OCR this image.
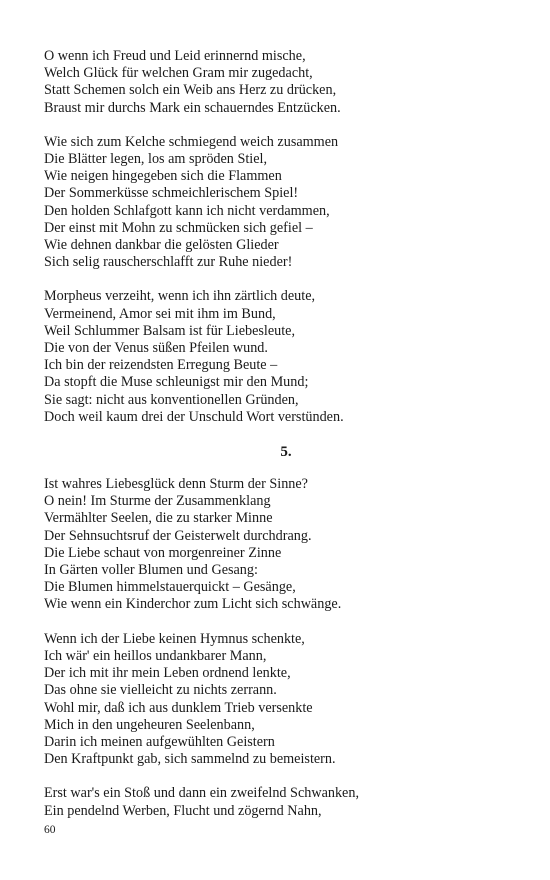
O wenn ich Freud und Leid erinnernd mische,
Welch Glück für welchen Gram mir zugedacht,
Statt Schemen solch ein Weib ans Herz zu drücken,
Braust mir durchs Mark ein schauerndes Entzücken.
Wie sich zum Kelche schmiegend weich zusammen
Die Blätter legen, los am spröden Stiel,
Wie neigen hingegeben sich die Flammen
Der Sommerküsse schmeichlerischem Spiel!
Den holden Schlafgott kann ich nicht verdammen,
Der einst mit Mohn zu schmücken sich gefiel –
Wie dehnen dankbar die gelösten Glieder
Sich selig rauscherschlafft zur Ruhe nieder!
Morpheus verzeiht, wenn ich ihn zärtlich deute,
Vermeinend, Amor sei mit ihm im Bund,
Weil Schlummer Balsam ist für Liebesleute,
Die von der Venus süßen Pfeilen wund.
Ich bin der reizendsten Erregung Beute –
Da stopft die Muse schleunigst mir den Mund;
Sie sagt: nicht aus konventionellen Gründen,
Doch weil kaum drei der Unschuld Wort verstünden.
5.
Ist wahres Liebesglück denn Sturm der Sinne?
O nein! Im Sturme der Zusammenklang
Vermählter Seelen, die zu starker Minne
Der Sehnsuchtsruf der Geisterwelt durchdrang.
Die Liebe schaut von morgenreiner Zinne
In Gärten voller Blumen und Gesang:
Die Blumen himmelstauerquickt – Gesänge,
Wie wenn ein Kinderchor zum Licht sich schwänge.
Wenn ich der Liebe keinen Hymnus schenkte,
Ich wär' ein heillos undankbarer Mann,
Der ich mit ihr mein Leben ordnend lenkte,
Das ohne sie vielleicht zu nichts zerrann.
Wohl mir, daß ich aus dunklem Trieb versenkte
Mich in den ungeheuren Seelenbann,
Darin ich meinen aufgewühlten Geistern
Den Kraftpunkt gab, sich sammelnd zu bemeistern.
Erst war's ein Stoß und dann ein zweifelnd Schwanken,
Ein pendelnd Werben, Flucht und zögernd Nahn,
60
